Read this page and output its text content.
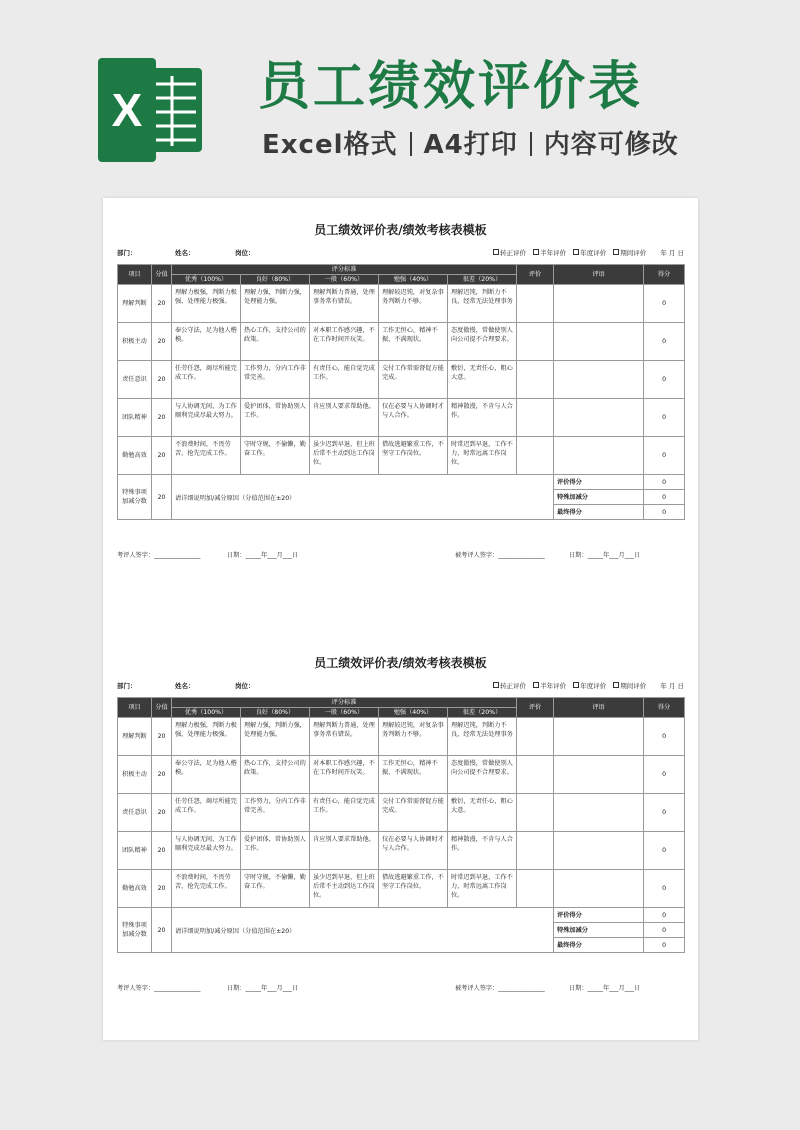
X 员工绩效评价表
Excel格式 A4打印 内容可修改
员工绩效评价表/绩效考核表模板
部门：	姓名：	岗位：	转正评价 半年评价 年度评价 期间评价 年 月 日
项目	分值	评分标准					评价	评语	得分
		优秀（100%）	良好（80%）	一般（60%）	勉强（40%）	很差（20%）			
理解判断	20	理解力极强，判断力极强，处理能力极强。	理解力强，判断力强，处理能力强。	理解判断力普通，处理事务常有错误。	理解较迟钝，对复杂事务判断力不够。	理解迟钝，判断力不良，经常无法处理事务			0
积极主动	20	奉公守法，足为他人楷模。	热心工作，支持公司的政策。	对本职工作感兴趣，不在工作时间开玩笑。	工作无恒心，精神不振，不满现状。	态度傲慢，常做使别人向公司提不合理要求。			0
责任意识	20	任劳任怨，竭尽所能完成工作。	工作努力，分内工作非常完善。	有责任心，能自觉完成工作。	交付工作常需督促方能完成。	敷衍，无责任心，粗心大意。			0
团队精神	20	与人协调无间，为工作顺利完成尽最大努力。	爱护团体，常协助别人工作。	肯应别人要求帮助他。	仅在必要与人协调时才与人合作。	精神散漫，不肯与人合作。			0
勤勉高效	20	不浪费时间，不畏劳苦，抢先完成工作。	守时守规，不偷懒，勤奋工作。	虽少迟到早退，但上班后常不主动到达工作岗位。	借故逃避繁重工作，不坚守工作岗位。	时常迟到早退，工作不力，时常远离工作岗位。			0
特殊事项加减分数	20	请详细说明加/减分原因（分值范围在±20）						评价得分	0
								特殊加减分	0
								最终得分	0
考评人签字：_______________	日期：_____年___月___日	被考评人签字：_______________	日期：_____年___月___日
员工绩效评价表/绩效考核表模板
部门：	姓名：	岗位：	转正评价 半年评价 年度评价 期间评价 年 月 日
项目	分值	评分标准					评价	评语	得分
		优秀（100%）	良好（80%）	一般（60%）	勉强（40%）	很差（20%）			
理解判断	20	理解力极强，判断力极强，处理能力极强。	理解力强，判断力强，处理能力强。	理解判断力普通，处理事务常有错误。	理解较迟钝，对复杂事务判断力不够。	理解迟钝，判断力不良，经常无法处理事务			0
积极主动	20	奉公守法，足为他人楷模。	热心工作，支持公司的政策。	对本职工作感兴趣，不在工作时间开玩笑。	工作无恒心，精神不振，不满现状。	态度傲慢，常做使别人向公司提不合理要求。			0
责任意识	20	任劳任怨，竭尽所能完成工作。	工作努力，分内工作非常完善。	有责任心，能自觉完成工作。	交付工作常需督促方能完成。	敷衍，无责任心，粗心大意。			0
团队精神	20	与人协调无间，为工作顺利完成尽最大努力。	爱护团体，常协助别人工作。	肯应别人要求帮助他。	仅在必要与人协调时才与人合作。	精神散漫，不肯与人合作。			0
勤勉高效	20	不浪费时间，不畏劳苦，抢先完成工作。	守时守规，不偷懒，勤奋工作。	虽少迟到早退，但上班后常不主动到达工作岗位。	借故逃避繁重工作，不坚守工作岗位。	时常迟到早退，工作不力，时常远离工作岗位。			0
特殊事项加减分数	20	请详细说明加/减分原因（分值范围在±20）						评价得分	0
								特殊加减分	0
								最终得分	0
考评人签字：_______________	日期：_____年___月___日	被考评人签字：_______________	日期：_____年___月___日
